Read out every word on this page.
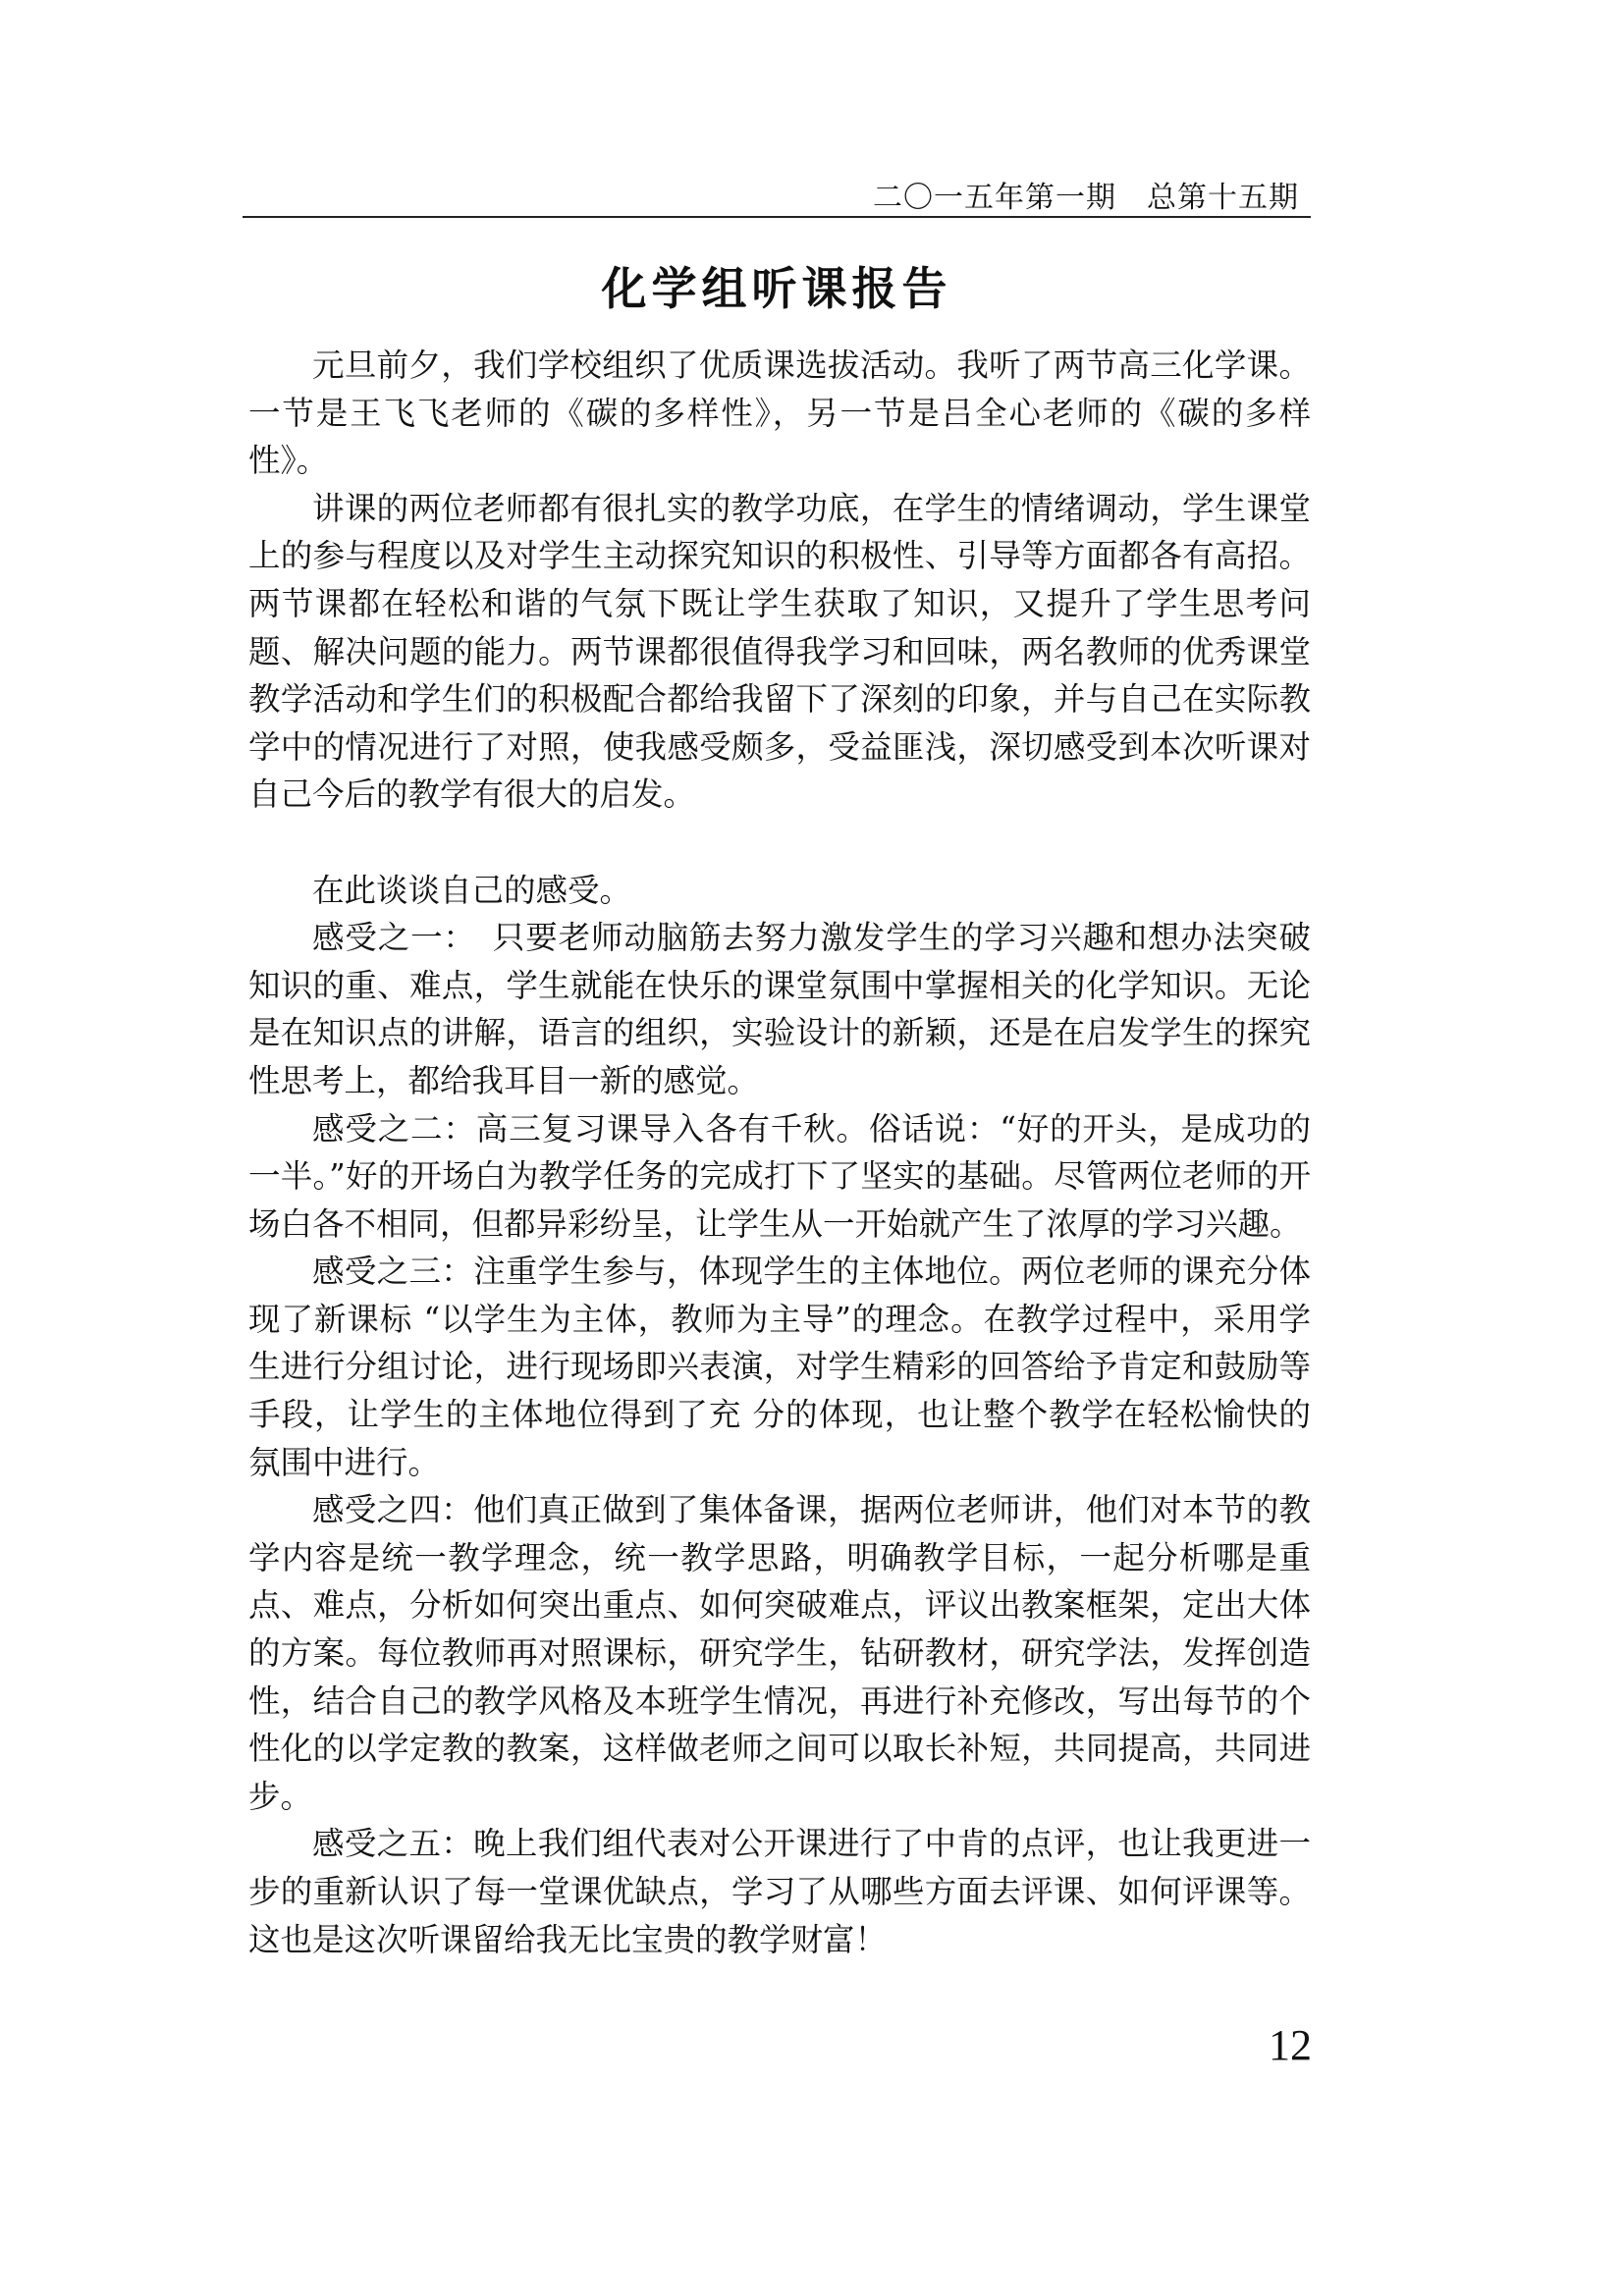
二〇一五年第一期　总第十五期
化学组听课报告

元旦前夕，我们学校组织了优质课选拔活动。我听了两节高三化学课。一节是王飞飞老师的《碳的多样性》，另一节是吕全心老师的《碳的多样性》。

讲课的两位老师都有很扎实的教学功底，在学生的情绪调动，学生课堂上的参与程度以及对学生主动探究知识的积极性、引导等方面都各有高招。两节课都在轻松和谐的气氛下既让学生获取了知识，又提升了学生思考问题、解决问题的能力。两节课都很值得我学习和回味，两名教师的优秀课堂教学活动和学生们的积极配合都给我留下了深刻的印象，并与自己在实际教学中的情况进行了对照，使我感受颇多，受益匪浅，深切感受到本次听课对自己今后的教学有很大的启发。

在此谈谈自己的感受。

感受之一：　只要老师动脑筋去努力激发学生的学习兴趣和想办法突破知识的重、难点，学生就能在快乐的课堂氛围中掌握相关的化学知识。无论是在知识点的讲解，语言的组织，实验设计的新颖，还是在启发学生的探究性思考上，都给我耳目一新的感觉。

感受之二：高三复习课导入各有千秋。俗话说：“好的开头，是成功的一半。”好的开场白为教学任务的完成打下了坚实的基础。尽管两位老师的开场白各不相同，但都异彩纷呈，让学生从一开始就产生了浓厚的学习兴趣。

感受之三：注重学生参与，体现学生的主体地位。两位老师的课充分体现了新课标 “以学生为主体，教师为主导”的理念。在教学过程中，采用学生进行分组讨论，进行现场即兴表演，对学生精彩的回答给予肯定和鼓励等手段，让学生的主体地位得到了充 分的体现，也让整个教学在轻松愉快的氛围中进行。

感受之四：他们真正做到了集体备课，据两位老师讲，他们对本节的教学内容是统一教学理念，统一教学思路，明确教学目标，一起分析哪是重点、难点，分析如何突出重点、如何突破难点，评议出教案框架，定出大体的方案。每位教师再对照课标，研究学生，钻研教材，研究学法，发挥创造性，结合自己的教学风格及本班学生情况，再进行补充修改，写出每节的个性化的以学定教的教案，这样做老师之间可以取长补短，共同提高，共同进步。

感受之五：晚上我们组代表对公开课进行了中肯的点评，也让我更进一步的重新认识了每一堂课优缺点，学习了从哪些方面去评课、如何评课等。这也是这次听课留给我无比宝贵的教学财富！

12
